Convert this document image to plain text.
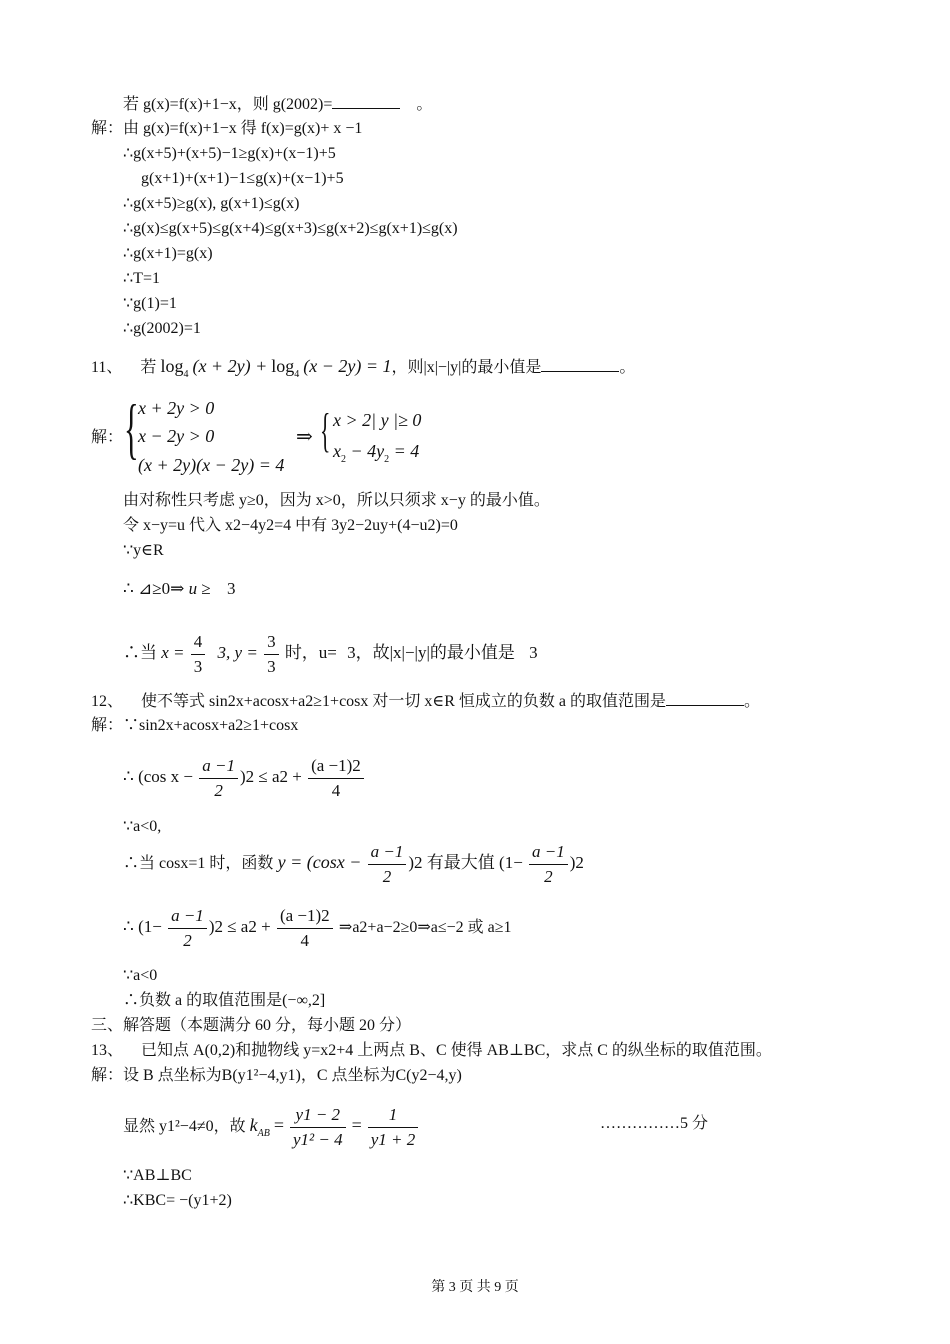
若 g(x)=f(x)+1−x，则 g(2002)=	。
解：由 g(x)=f(x)+1−x 得 f(x)=g(x)+ x −1
∴g(x+5)+(x+5)−1≥g(x)+(x−1)+5
g(x+1)+(x+1)−1≤g(x)+(x−1)+5
∴g(x+5)≥g(x), g(x+1)≤g(x)
∴g(x)≤g(x+5)≤g(x+4)≤g(x+3)≤g(x+2)≤g(x+1)≤g(x)
∴g(x+1)=g(x)
∴T=1
∵g(1)=1
∴g(2002)=1
11、 若 $\log_4 (x + 2y) + \log_4 (x - 2y) = 1$，则|x|−|y|的最小值是	。
解： { x + 2y > 0
x − 2y > 0
(x + 2y)(x − 2y) = 4
⇒ { x > 2| y |≥ 0
$x_2 - 4y_2 = 4$
由对称性只考虑 y≥0，因为 x>0，所以只须求 x−y 的最小值。
令 x−y=u 代入 x2−4y2=4 中有 3y2−2uy+(4−u2)=0
∵y∈R
∴ ⊿≥0⇒ u ≥ 3
∴当 $x = \frac{4}{3} 3$, $y = \frac{3}{3}$ 时，u= 3，故|x|−|y|的最小值是 3
12、 使不等式 sin2x+acosx+a2≥1+cosx 对一切 x∈R 恒成立的负数 a 的取值范围是	。
解：∵sin2x+acosx+a2≥1+cosx
∴ (cos $x - \frac{a -1}{2} )2 \le a2 + \frac{(a -1)2}{4}$
∵a<0,
∴当 cosx=1 时，函数 $y = (\cos x - \frac{a -1}{2} )2$ 有最大值 $(1- \frac{a -1}{2} )2$
∴ $(1- \frac{a -1}{2} )2 \le a2 + \frac{(a -1)2}{4}$ ⇒a2+a−2≥0⇒a≤−2 或 a≥1
∵a<0
∴负数 a 的取值范围是(−∞,2]
三、解答题（本题满分 60 分，每小题 20 分）
13、 已知点 A(0,2)和抛物线 y=x2+4 上两点 B、C 使得 AB⊥BC，求点 C 的纵坐标的取值范围。
解：设 B 点坐标为B(y1²−4,y1)，C 点坐标为C(y2−4,y)
显然 y1²−4≠0，故 $k_{AB} = \frac{y1 - 2}{\text{y1² − 4}} = \frac{1}{y1 + 2}$	……………5 分
∵AB⊥BC
∴KBC= −(y1+2)
第 3 页 共 9 页
